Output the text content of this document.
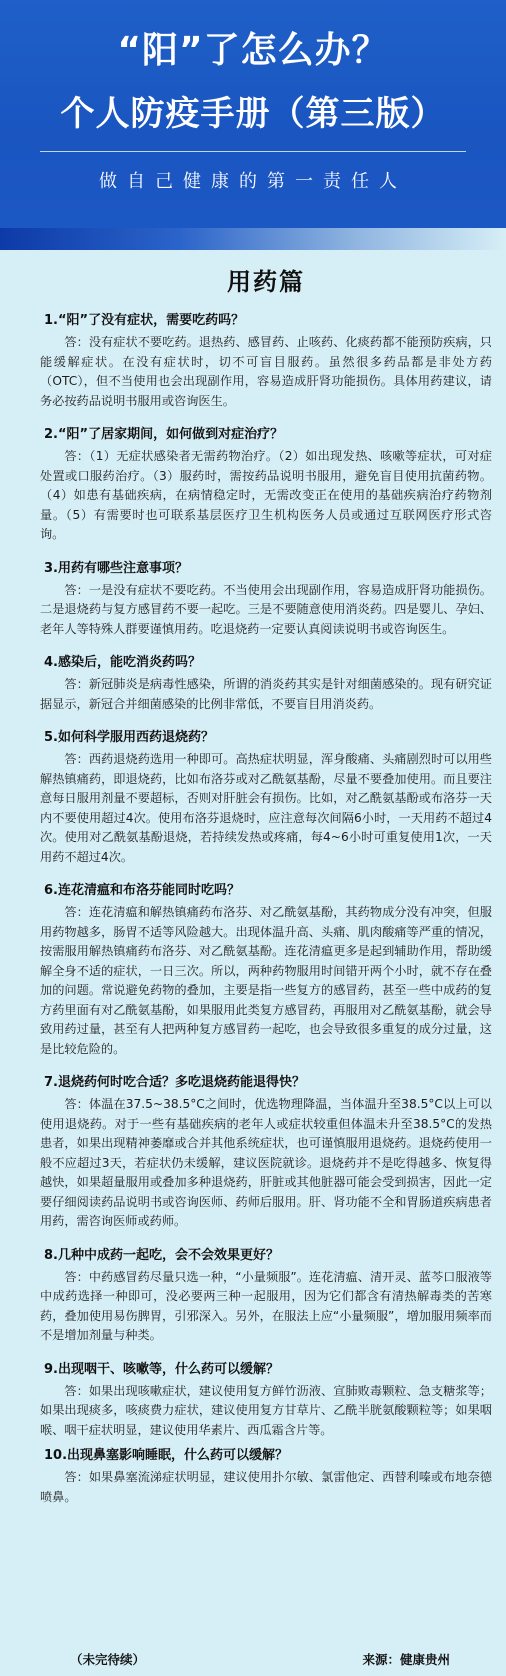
“阳”了怎么办？
个人防疫手册（第三版）
做自己健康的第一责任人
用药篇
1.“阳”了没有症状，需要吃药吗？

答：没有症状不要吃药。退热药、感冒药、止咳药、化痰药都不能预防疾病，只能缓解症状。在没有症状时，切不可盲目服药。虽然很多药品都是非处方药（OTC），但不当使用也会出现副作用，容易造成肝肾功能损伤。具体用药建议，请务必按药品说明书服用或咨询医生。

2.“阳”了居家期间，如何做到对症治疗？

答：（1）无症状感染者无需药物治疗。（2）如出现发热、咳嗽等症状，可对症处置或口服药治疗。（3）服药时，需按药品说明书服用，避免盲目使用抗菌药物。（4）如患有基础疾病，在病情稳定时，无需改变正在使用的基础疾病治疗药物剂量。（5）有需要时也可联系基层医疗卫生机构医务人员或通过互联网医疗形式咨询。

3.用药有哪些注意事项？

答：一是没有症状不要吃药。不当使用会出现副作用，容易造成肝肾功能损伤。二是退烧药与复方感冒药不要一起吃。三是不要随意使用消炎药。四是婴儿、孕妇、老年人等特殊人群要谨慎用药。吃退烧药一定要认真阅读说明书或咨询医生。

4.感染后，能吃消炎药吗？

答：新冠肺炎是病毒性感染，所谓的消炎药其实是针对细菌感染的。现有研究证据显示，新冠合并细菌感染的比例非常低，不要盲目用消炎药。

5.如何科学服用西药退烧药？

答：西药退烧药选用一种即可。高热症状明显，浑身酸痛、头痛剧烈时可以用些解热镇痛药，即退烧药，比如布洛芬或对乙酰氨基酚，尽量不要叠加使用。而且要注意每日服用剂量不要超标，否则对肝脏会有损伤。比如，对乙酰氨基酚或布洛芬一天内不要使用超过4次。使用布洛芬退烧时，应注意每次间隔6小时，一天用药不超过4次。使用对乙酰氨基酚退烧，若持续发热或疼痛，每4~6小时可重复使用1次，一天用药不超过4次。

6.连花清瘟和布洛芬能同时吃吗？

答：连花清瘟和解热镇痛药布洛芬、对乙酰氨基酚，其药物成分没有冲突，但服用药物越多，肠胃不适等风险越大。出现体温升高、头痛、肌肉酸痛等严重的情况，按需服用解热镇痛药布洛芬、对乙酰氨基酚。连花清瘟更多是起到辅助作用，帮助缓解全身不适的症状，一日三次。所以，两种药物服用时间错开两个小时，就不存在叠加的问题。常说避免药物的叠加，主要是指一些复方的感冒药，甚至一些中成药的复方药里面有对乙酰氨基酚，如果服用此类复方感冒药，再服用对乙酰氨基酚，就会导致用药过量，甚至有人把两种复方感冒药一起吃，也会导致很多重复的成分过量，这是比较危险的。

7.退烧药何时吃合适？多吃退烧药能退得快？

答：体温在37.5~38.5°C之间时，优选物理降温，当体温升至38.5°C以上可以使用退烧药。对于一些有基础疾病的老年人或症状较重但体温未升至38.5°C的发热患者，如果出现精神萎靡或合并其他系统症状，也可谨慎服用退烧药。退烧药使用一般不应超过3天，若症状仍未缓解，建议医院就诊。退烧药并不是吃得越多、恢复得越快，如果超量服用或叠加多种退烧药，肝脏或其他脏器可能会受到损害，因此一定要仔细阅读药品说明书或咨询医师、药师后服用。肝、肾功能不全和胃肠道疾病患者用药，需咨询医师或药师。

8.几种中成药一起吃，会不会效果更好？

答：中药感冒药尽量只选一种，“小量频服”。连花清瘟、清开灵、蓝芩口服液等中成药选择一种即可，没必要两三种一起服用，因为它们都含有清热解毒类的苦寒药，叠加使用易伤脾胃，引邪深入。另外，在服法上应“小量频服”，增加服用频率而不是增加剂量与种类。

9.出现咽干、咳嗽等，什么药可以缓解？

答：如果出现咳嗽症状，建议使用复方鲜竹沥液、宣肺败毒颗粒、急支糖浆等；如果出现痰多，咳痰费力症状，建议使用复方甘草片、乙酰半胱氨酸颗粒等；如果咽喉、咽干症状明显，建议使用华素片、西瓜霜含片等。

10.出现鼻塞影响睡眠，什么药可以缓解？

答：如果鼻塞流涕症状明显，建议使用扑尔敏、氯雷他定、西替利嗪或布地奈德喷鼻。

（未完待续）	来源：健康贵州
